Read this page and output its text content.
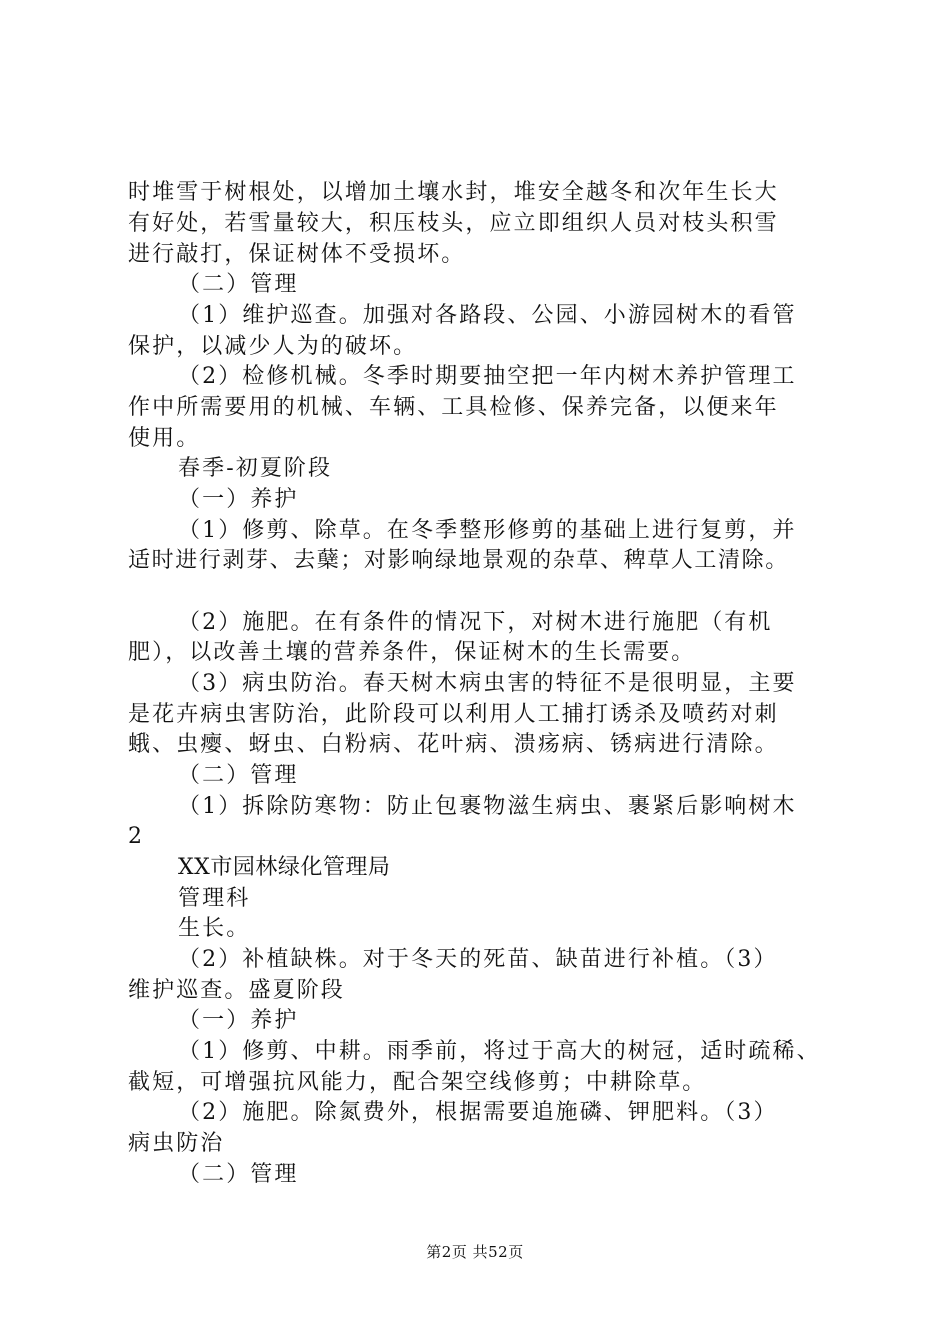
时堆雪于树根处，以增加土壤水封，堆安全越冬和次年生长大
有好处，若雪量较大，积压枝头，应立即组织人员对枝头积雪
进行敲打，保证树体不受损坏。
（二）管理
（1）维护巡查。加强对各路段、公园、小游园树木的看管
保护，以减少人为的破坏。
（2）检修机械。冬季时期要抽空把一年内树木养护管理工
作中所需要用的机械、车辆、工具检修、保养完备，以便来年
使用。
春季-初夏阶段
（一）养护
（1）修剪、除草。在冬季整形修剪的基础上进行复剪，并
适时进行剥芽、去蘖；对影响绿地景观的杂草、稗草人工清除。
（2）施肥。在有条件的情况下，对树木进行施肥（有机
肥），以改善土壤的营养条件，保证树木的生长需要。
（3）病虫防治。春天树木病虫害的特征不是很明显，主要
是花卉病虫害防治，此阶段可以利用人工捕打诱杀及喷药对刺
蛾、虫瘿、蚜虫、白粉病、花叶病、溃疡病、锈病进行清除。
（二）管理
（1）拆除防寒物：防止包裹物滋生病虫、裹紧后影响树木
2
XX市园林绿化管理局
管理科
生长。
（2）补植缺株。对于冬天的死苗、缺苗进行补植。（3）
维护巡查。盛夏阶段
（一）养护
（1）修剪、中耕。雨季前，将过于高大的树冠，适时疏稀、
截短，可增强抗风能力，配合架空线修剪；中耕除草。
（2）施肥。除氮费外，根据需要追施磷、钾肥料。（3）
病虫防治
（二）管理
第2页 共52页
